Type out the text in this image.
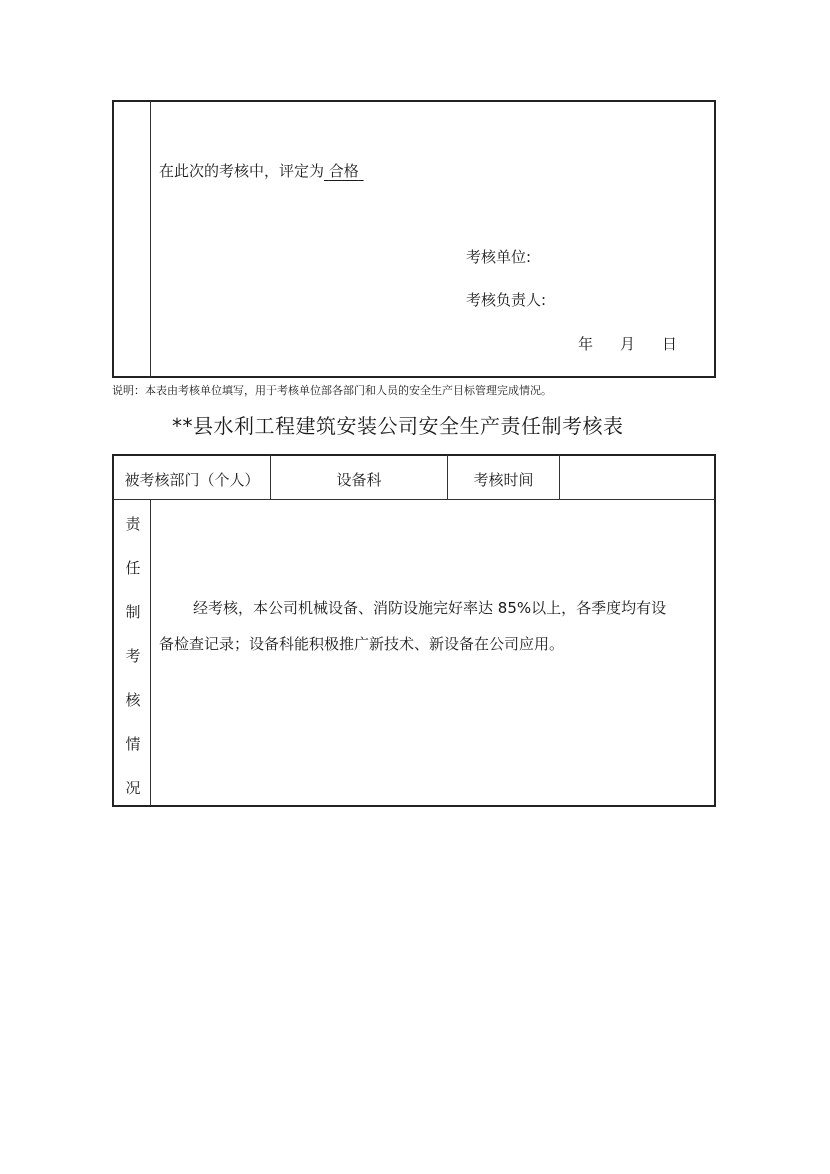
在此次的考核中，评定为 合格
考核单位:
考核负责人:
年 月 日
说明：本表由考核单位填写，用于考核单位部各部门和人员的安全生产目标管理完成情况。
**县水利工程建筑安装公司安全生产责任制考核表
被考核部门（个人）	设备科	考核时间
责
任
制
考
核
情
况
经考核，本公司机械设备、消防设施完好率达 85%以上，各季度均有设
备检查记录；设备科能积极推广新技术、新设备在公司应用。
